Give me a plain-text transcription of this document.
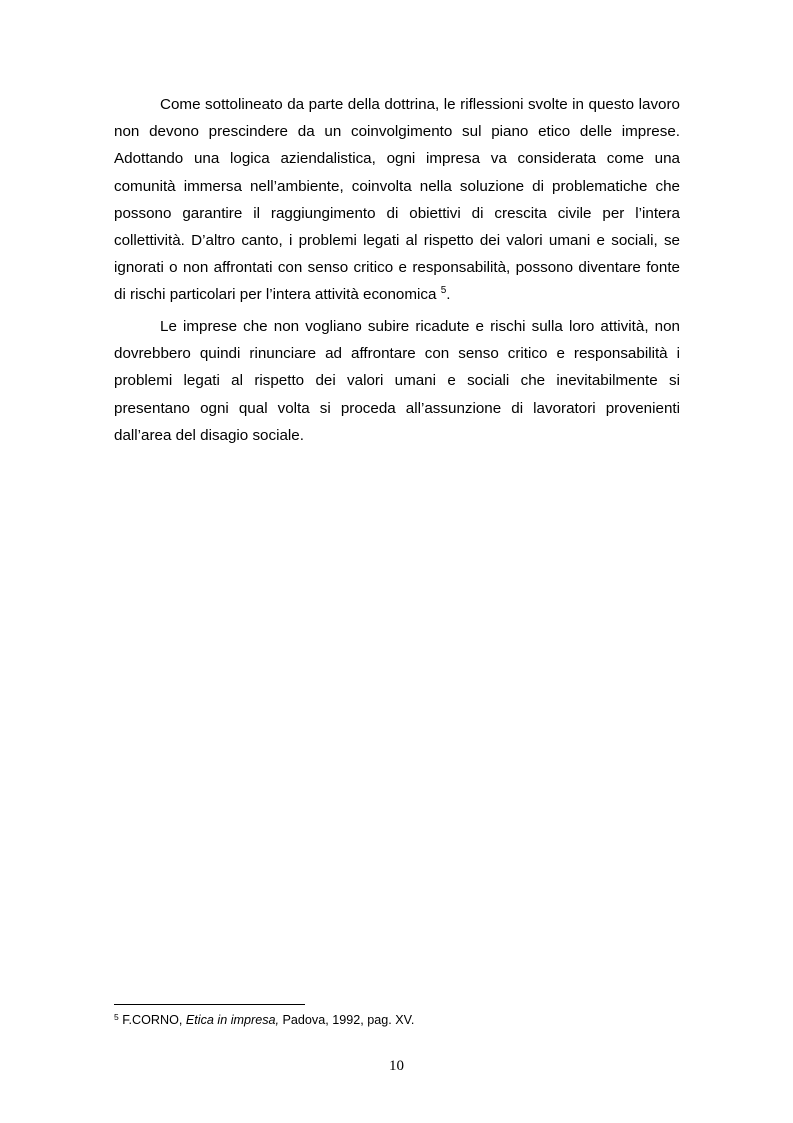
Come sottolineato da parte della dottrina, le riflessioni svolte in questo lavoro non devono prescindere da un coinvolgimento sul piano etico delle imprese. Adottando una logica aziendalistica, ogni impresa va considerata come una comunità immersa nell’ambiente, coinvolta nella soluzione di problematiche che possono garantire il raggiungimento di obiettivi di crescita civile per l’intera collettività. D’altro canto, i problemi legati al rispetto dei valori umani e sociali, se ignorati o non affrontati con senso critico e responsabilità, possono diventare fonte di rischi particolari per l’intera attività economica $^5$.

Le imprese che non vogliano subire ricadute e rischi sulla loro attività, non dovrebbero quindi rinunciare ad affrontare con senso critico e responsabilità i problemi legati al rispetto dei valori umani e sociali che inevitabilmente si presentano ogni qual volta si proceda all’assunzione di lavoratori provenienti dall’area del disagio sociale.

$^5$ F.CORNO, Etica in impresa, Padova, 1992, pag. XV.
10
